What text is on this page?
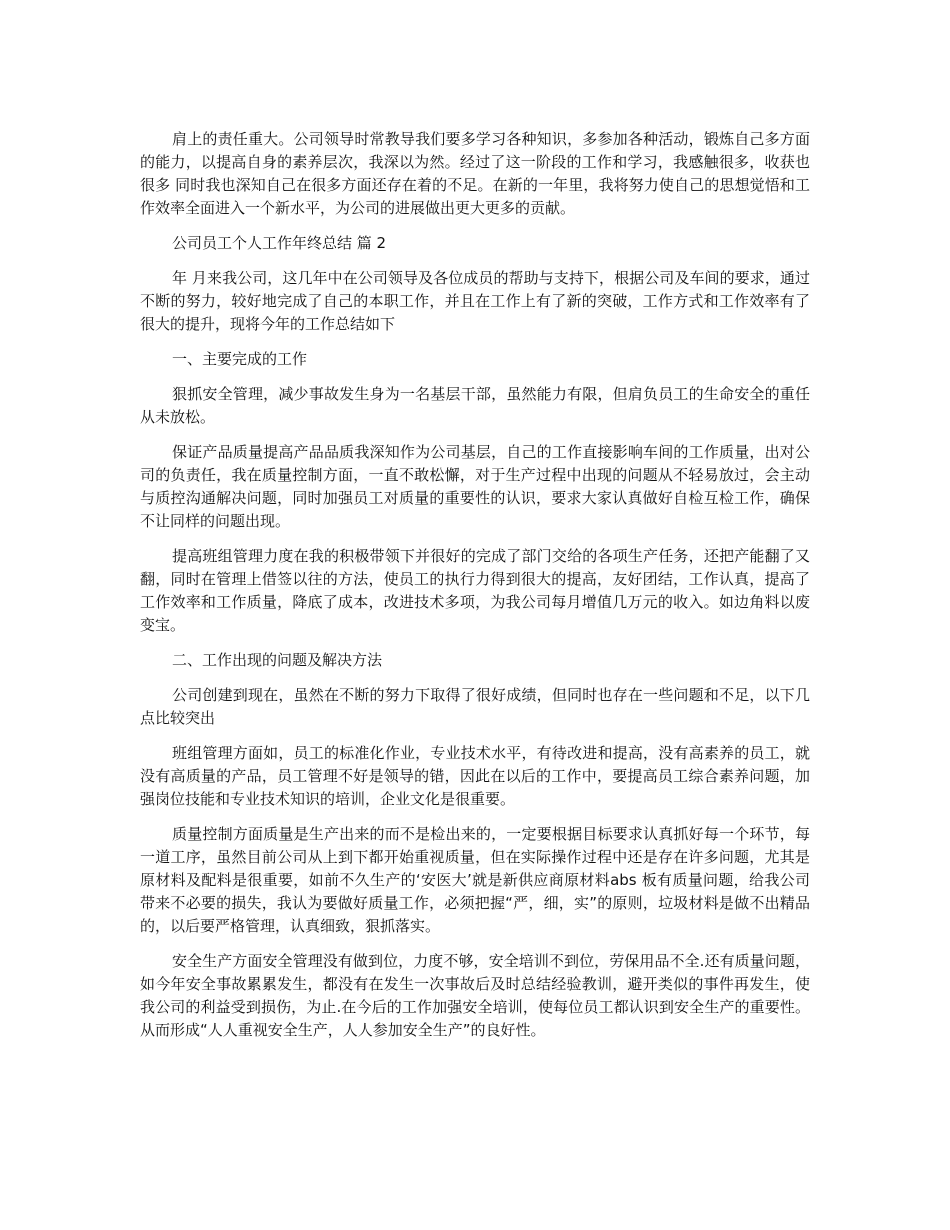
肩上的责任重大。公司领导时常教导我们要多学习各种知识，多参加各种活动，锻炼自己多方面的能力，以提高自身的素养层次，我深以为然。经过了这一阶段的工作和学习，我感触很多，收获也很多 同时我也深知自己在很多方面还存在着的不足。在新的一年里，我将努力使自己的思想觉悟和工作效率全面进入一个新水平，为公司的进展做出更大更多的贡献。

公司员工个人工作年终总结 篇 2

年 月来我公司，这几年中在公司领导及各位成员的帮助与支持下，根据公司及车间的要求，通过不断的努力，较好地完成了自己的本职工作，并且在工作上有了新的突破，工作方式和工作效率有了很大的提升，现将今年的工作总结如下

一、主要完成的工作

狠抓安全管理，减少事故发生身为一名基层干部，虽然能力有限，但肩负员工的生命安全的重任从未放松。

保证产品质量提高产品品质我深知作为公司基层，自己的工作直接影响车间的工作质量，出对公司的负责任，我在质量控制方面，一直不敢松懈，对于生产过程中出现的问题从不轻易放过，会主动与质控沟通解决问题，同时加强员工对质量的重要性的认识，要求大家认真做好自检互检工作，确保不让同样的问题出现。

提高班组管理力度在我的积极带领下并很好的完成了部门交给的各项生产任务，还把产能翻了又翻，同时在管理上借签以往的方法，使员工的执行力得到很大的提高，友好团结，工作认真，提高了工作效率和工作质量，降底了成本，改进技术多项，为我公司每月增值几万元的收入。如边角料以废变宝。

二、工作出现的问题及解决方法

公司创建到现在，虽然在不断的努力下取得了很好成绩，但同时也存在一些问题和不足，以下几点比较突出

班组管理方面如，员工的标准化作业，专业技术水平，有待改进和提高，没有高素养的员工，就没有高质量的产品，员工管理不好是领导的错，因此在以后的工作中，要提高员工综合素养问题，加强岗位技能和专业技术知识的培训，企业文化是很重要。

质量控制方面质量是生产出来的而不是检出来的，一定要根据目标要求认真抓好每一个环节，每一道工序，虽然目前公司从上到下都开始重视质量，但在实际操作过程中还是存在许多问题，尤其是原材料及配料是很重要，如前不久生产的‘安医大’就是新供应商原材料abs 板有质量问题，给我公司带来不必要的损失，我认为要做好质量工作，必须把握“严，细，实”的原则，垃圾材料是做不出精品的，以后要严格管理，认真细致，狠抓落实。

安全生产方面安全管理没有做到位，力度不够，安全培训不到位，劳保用品不全.还有质量问题，如今年安全事故累累发生，都没有在发生一次事故后及时总结经验教训，避开类似的事件再发生，使我公司的利益受到损伤，为止.在今后的工作加强安全培训，使每位员工都认识到安全生产的重要性。从而形成“人人重视安全生产，人人参加安全生产”的良好性。
